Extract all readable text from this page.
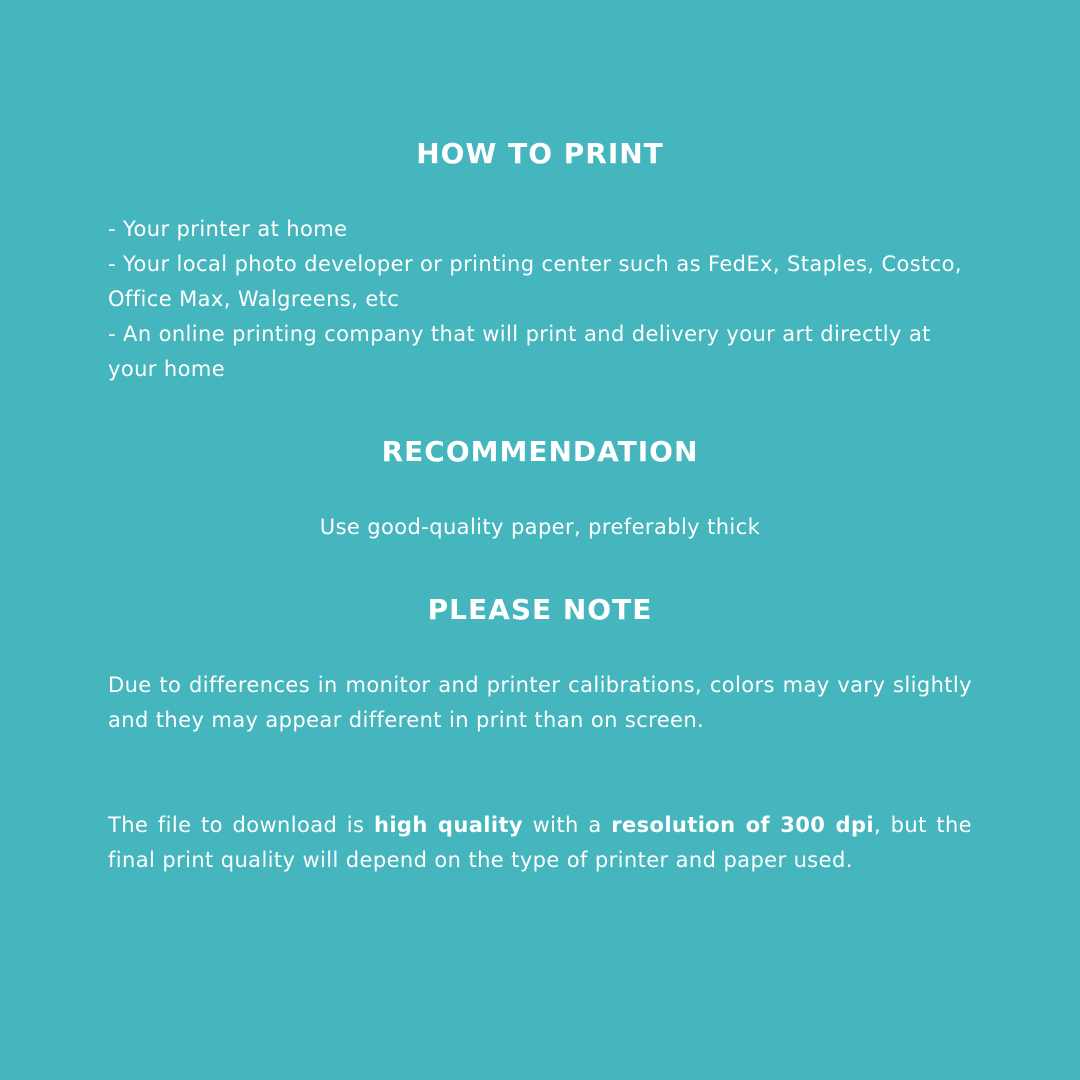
HOW TO PRINT
- Your printer at home
- Your local photo developer or printing center such as FedEx, Staples, Costco, Office Max, Walgreens, etc
- An online printing company that will print and delivery your art directly at your home
RECOMMENDATION
Use good-quality paper, preferably thick
PLEASE NOTE

Due to differences in monitor and printer calibrations, colors may vary slightly and they may appear different in print than on screen.

The file to download is high quality with a resolution of 300 dpi, but the final print quality will depend on the type of printer and paper used.
